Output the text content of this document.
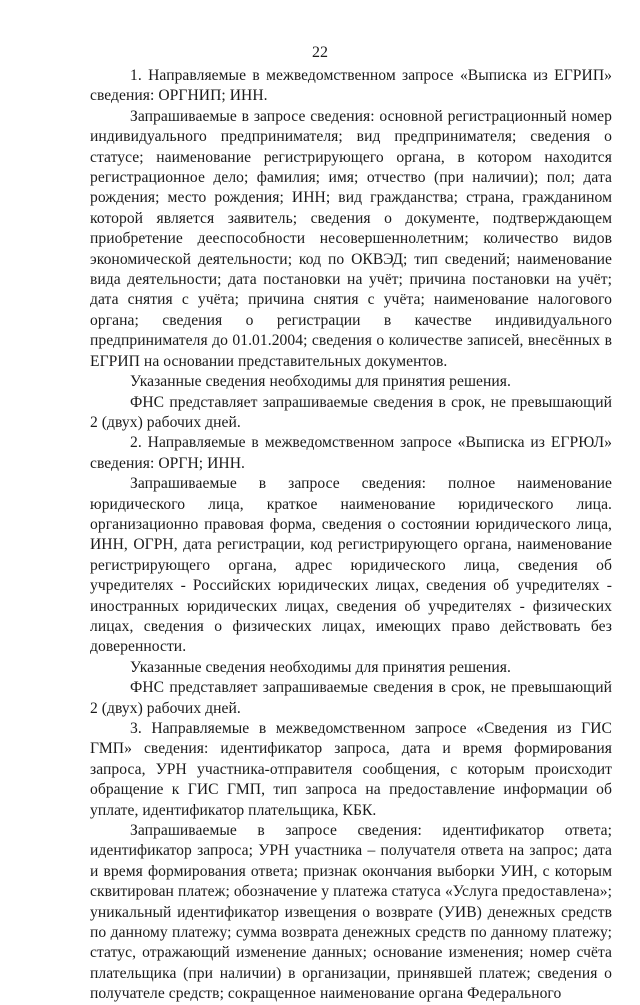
22

1. Направляемые в межведомственном запросе «Выписка из ЕГРИП» сведения: ОРГНИП; ИНН.

Запрашиваемые в запросе сведения: основной регистрационный номер индивидуального предпринимателя; вид предпринимателя; сведения о статусе; наименование регистрирующего органа, в котором находится регистрационное дело; фамилия; имя; отчество (при наличии); пол; дата рождения; место рождения; ИНН; вид гражданства; страна, гражданином которой является заявитель; сведения о документе, подтверждающем приобретение дееспособности несовершеннолетним; количество видов экономической деятельности; код по ОКВЭД; тип сведений; наименование вида деятельности; дата постановки на учёт; причина постановки на учёт; дата снятия с учёта; причина снятия с учёта; наименование налогового органа; сведения о регистрации в качестве индивидуального предпринимателя до 01.01.2004; сведения о количестве записей, внесённых в ЕГРИП на основании представительных документов.

Указанные сведения необходимы для принятия решения.

ФНС представляет запрашиваемые сведения в срок, не превышающий 2 (двух) рабочих дней.

2. Направляемые в межведомственном запросе «Выписка из ЕГРЮЛ» сведения: ОРГН; ИНН.

Запрашиваемые в запросе сведения: полное наименование юридического лица, краткое наименование юридического лица. организационно правовая форма, сведения о состоянии юридического лица, ИНН, ОГРН, дата регистрации, код регистрирующего органа, наименование регистрирующего органа, адрес юридического лица, сведения об учредителях - Российских юридических лицах, сведения об учредителях - иностранных юридических лицах, сведения об учредителях - физических лицах, сведения о физических лицах, имеющих право действовать без доверенности.

Указанные сведения необходимы для принятия решения.

ФНС представляет запрашиваемые сведения в срок, не превышающий 2 (двух) рабочих дней.

3. Направляемые в межведомственном запросе «Сведения из ГИС ГМП» сведения: идентификатор запроса, дата и время формирования запроса, УРН участника-отправителя сообщения, с которым происходит обращение к ГИС ГМП, тип запроса на предоставление информации об уплате, идентификатор плательщика, КБК.

Запрашиваемые в запросе сведения: идентификатор ответа; идентификатор запроса; УРН участника – получателя ответа на запрос; дата и время формирования ответа; признак окончания выборки УИН, с которым сквитирован платеж; обозначение у платежа статуса «Услуга предоставлена»; уникальный идентификатор извещения о возврате (УИВ) денежных средств по данному платежу; сумма возврата денежных средств по данному платежу; статус, отражающий изменение данных; основание изменения; номер счёта плательщика (при наличии) в организации, принявшей платеж; сведения о получателе средств; сокращенное наименование органа Федерального
